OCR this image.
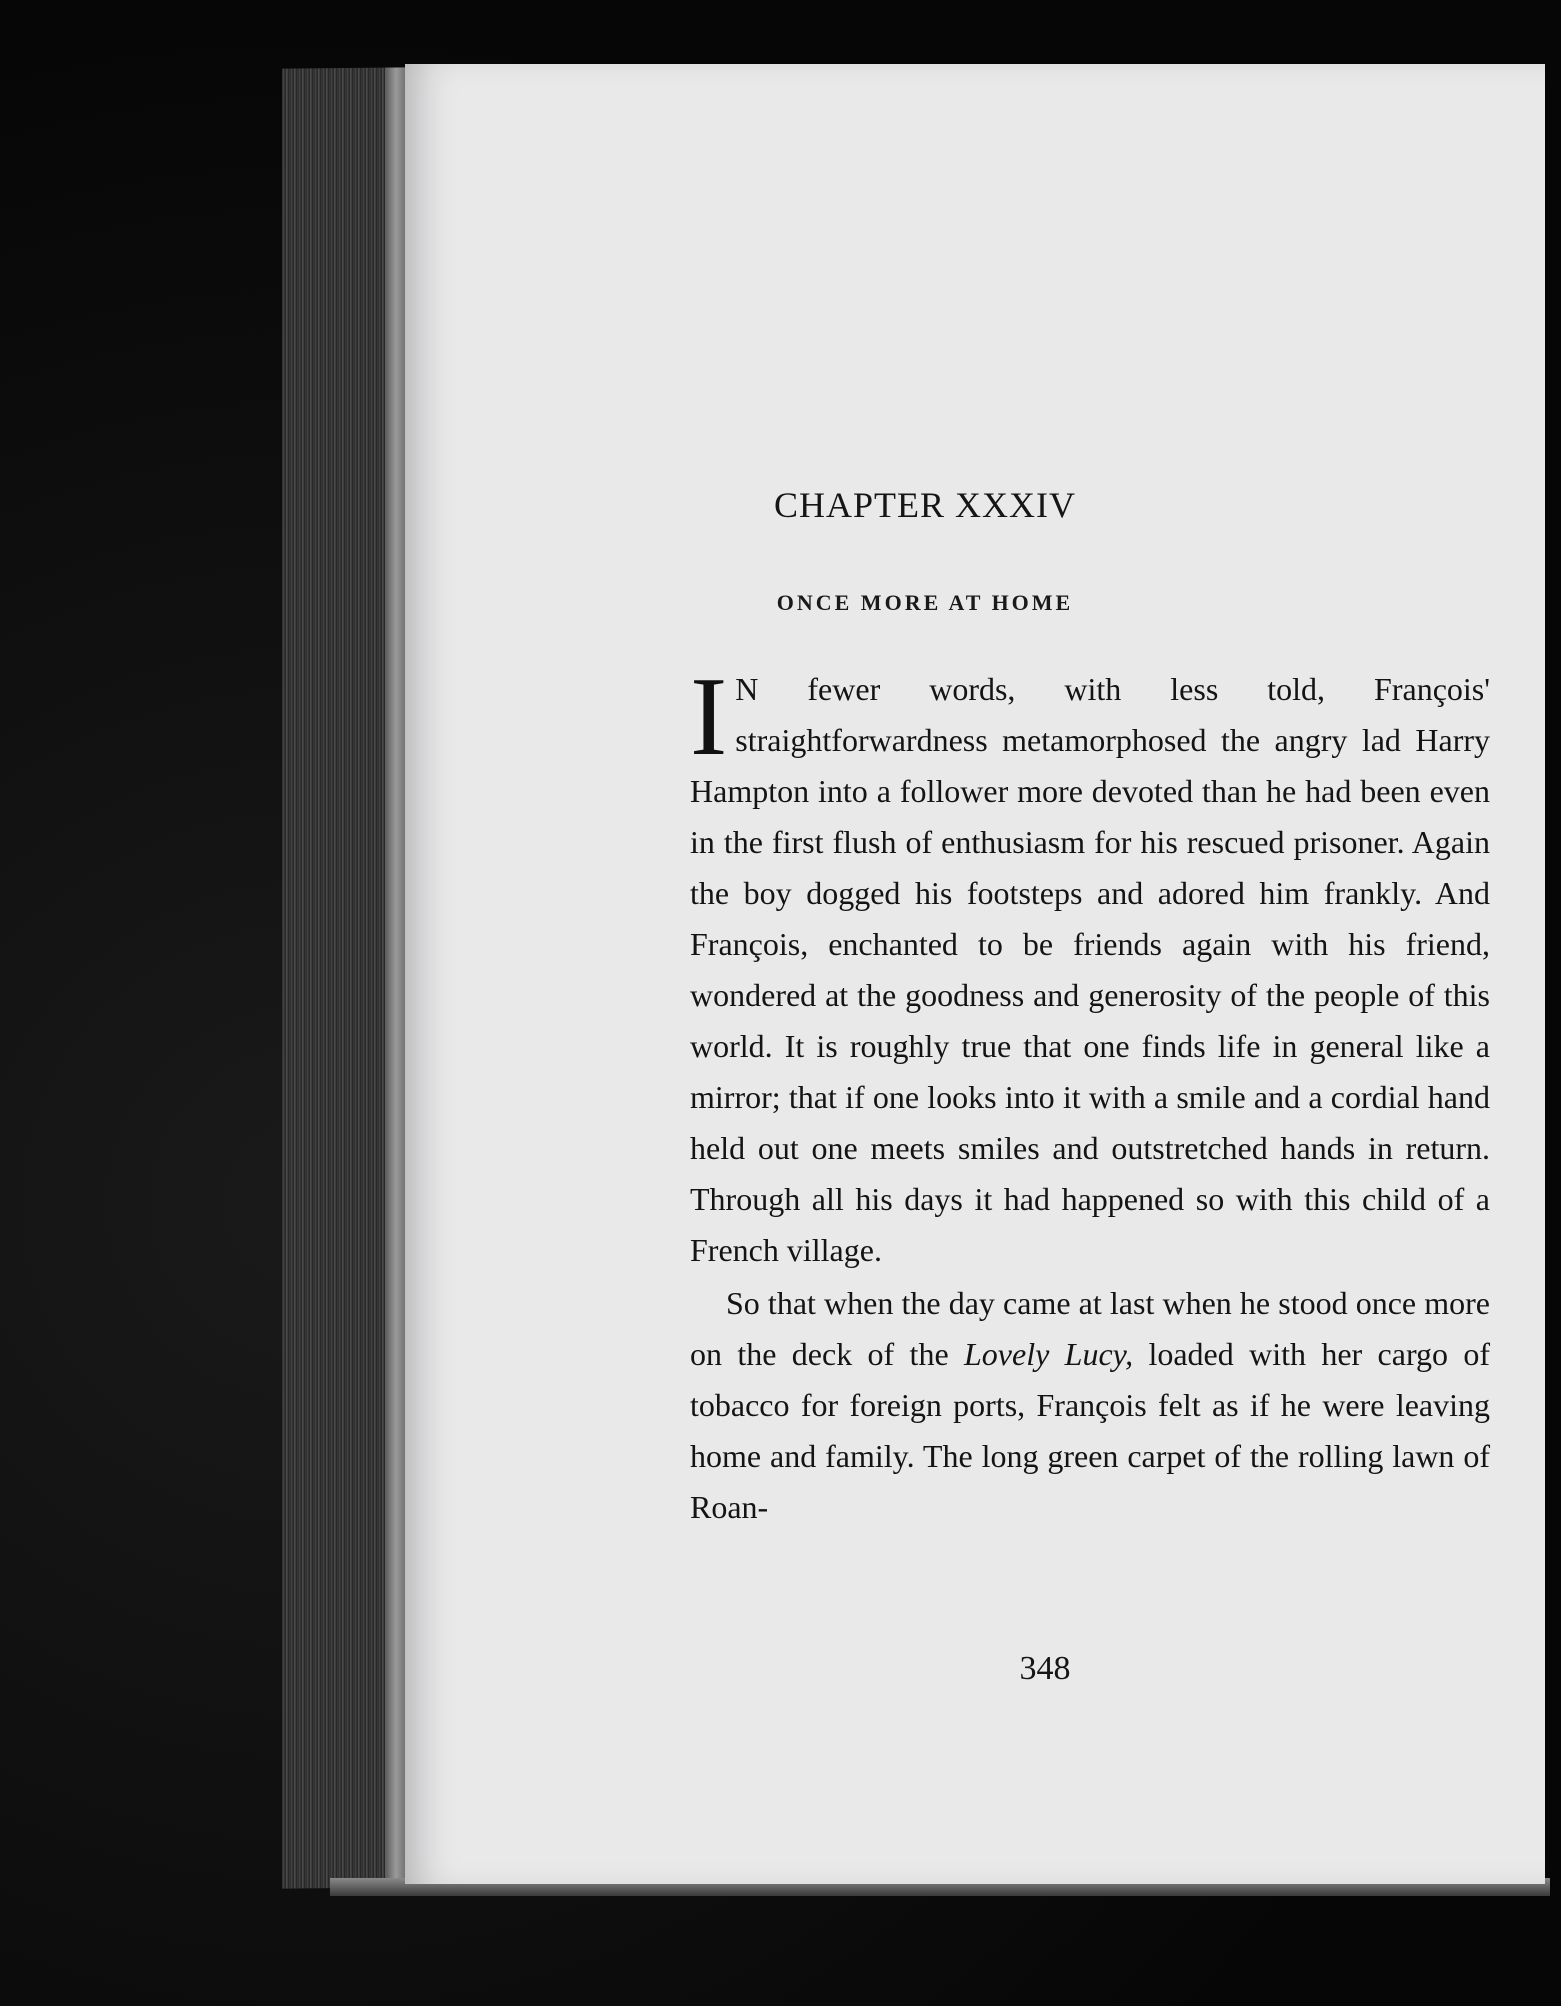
CHAPTER XXXIV
ONCE MORE AT HOME

I N fewer words, with less told, François' straightforwardness metamorphosed the angry lad Harry Hampton into a follower more devoted than he had been even in the first flush of enthusiasm for his rescued prisoner. Again the boy dogged his footsteps and adored him frankly. And François, enchanted to be friends again with his friend, wondered at the goodness and generosity of the people of this world. It is roughly true that one finds life in general like a mirror; that if one looks into it with a smile and a cordial hand held out one meets smiles and outstretched hands in return. Through all his days it had happened so with this child of a French village.

So that when the day came at last when he stood once more on the deck of the Lovely Lucy, loaded with her cargo of tobacco for foreign ports, François felt as if he were leaving home and family. The long green carpet of the rolling lawn of Roan-

348
